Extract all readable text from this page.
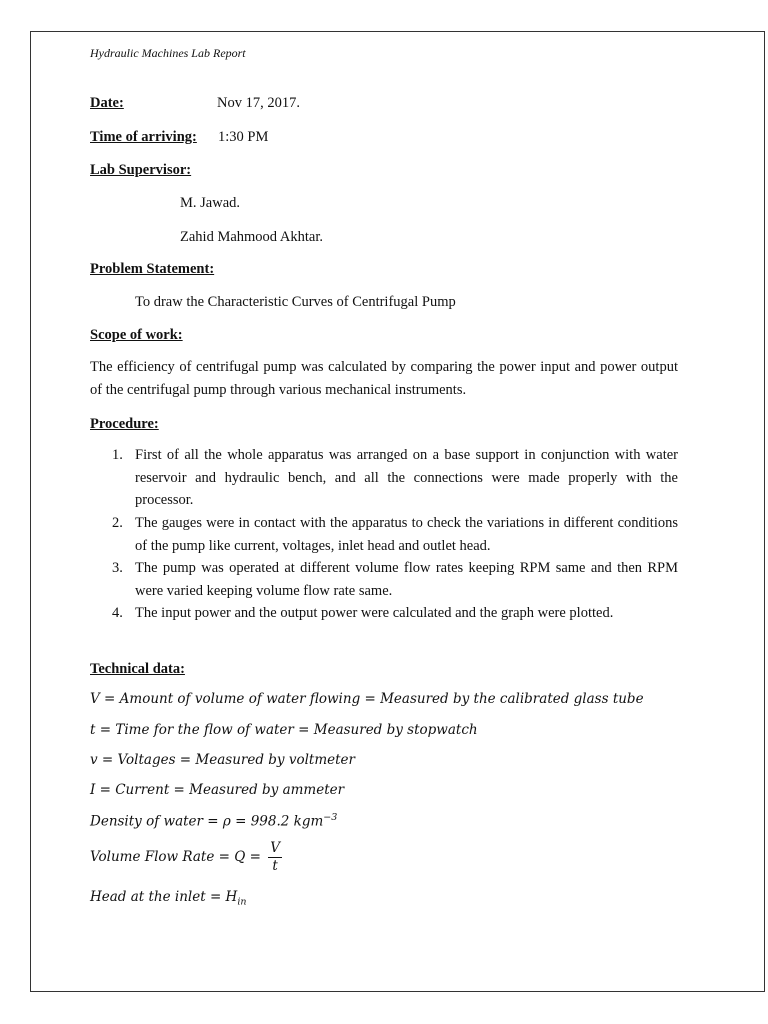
Hydraulic Machines Lab Report
Nov 17, 2017.
Date:
Time of arriving: 1:30 PM
Lab Supervisor:
M. Jawad.
Zahid Mahmood Akhtar.
Problem Statement:
To draw the Characteristic Curves of Centrifugal Pump
Scope of work:
The efficiency of centrifugal pump was calculated by comparing the power input and power output of the centrifugal pump through various mechanical instruments.
Procedure:
1. First of all the whole apparatus was arranged on a base support in conjunction with water reservoir and hydraulic bench, and all the connections were made properly with the processor.
2. The gauges were in contact with the apparatus to check the variations in different conditions of the pump like current, voltages, inlet head and outlet head.
3. The pump was operated at different volume flow rates keeping RPM same and then RPM were varied keeping volume flow rate same.
4. The input power and the output power were calculated and the graph were plotted.
Technical data:
V = Amount of volume of water flowing = Measured by the calibrated glass tube
t = Time for the flow of water = Measured by stopwatch
v = Voltages = Measured by voltmeter
I = Current = Measured by ammeter
Density of water = ρ = 998.2 kgm$^{-3}$
Volume Flow Rate = $Q = \frac{V}{t}$
Head at the inlet = $H_{in}$
